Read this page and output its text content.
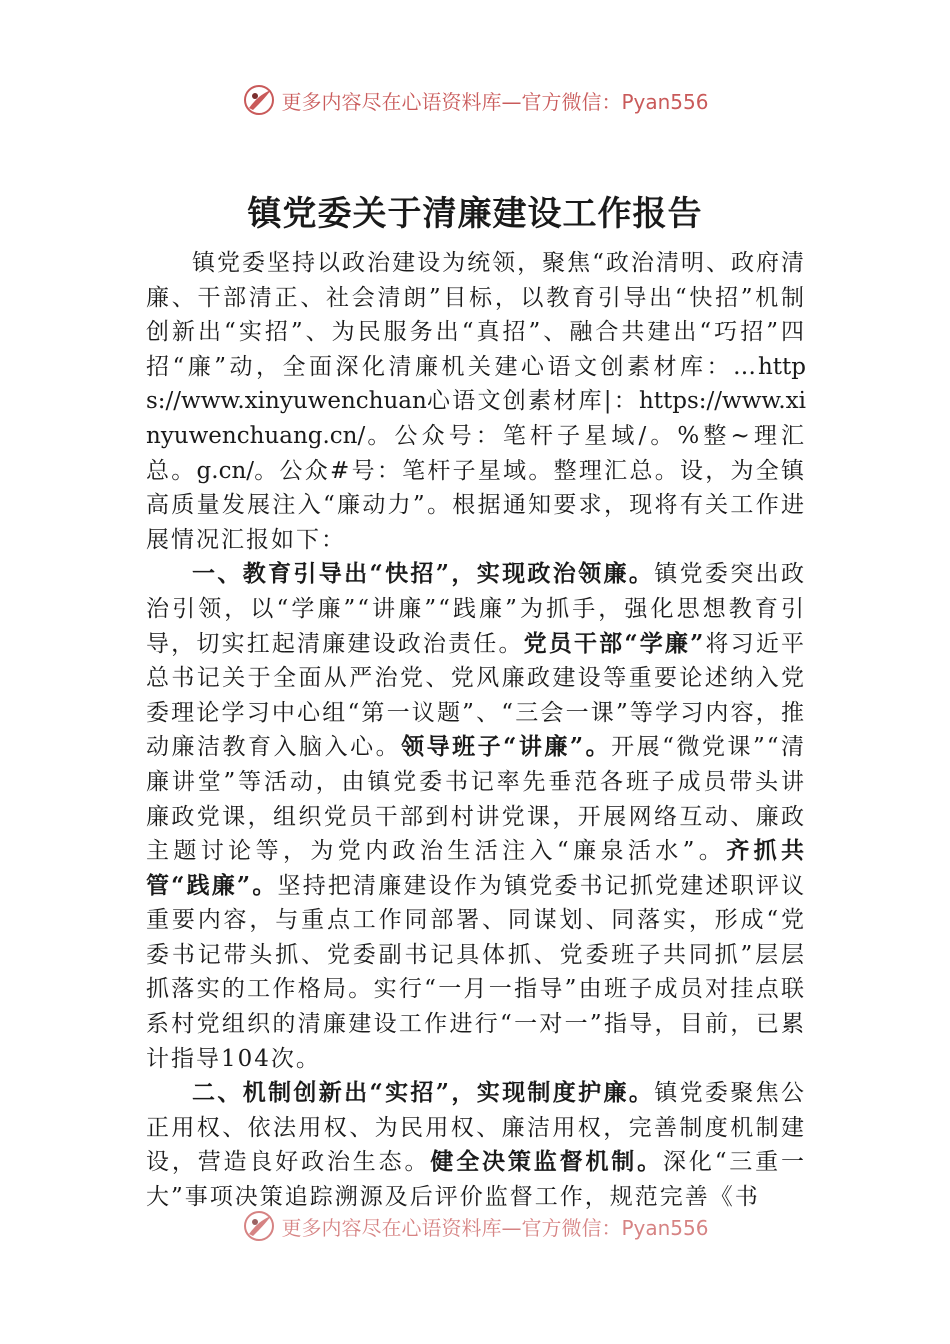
更多内容尽在心语资料库—官方微信：Pyan556
镇党委关于清廉建设工作报告

镇党委坚持以政治建设为统领，聚焦“政治清明、政府清廉、干部清正、社会清朗”目标，以教育引导出“快招”机制创新出“实招”、为民服务出“真招”、融合共建出“巧招”四招“廉”动，全面深化清廉机关建心语文创素材库：…https://www.xinyuwenchuan心语文创素材库|：https://www.xinyuwenchuang.cn/。公众号：笔杆子星域/。%整~理汇总。g.cn/。公众#号：笔杆子星域。整理汇总。设，为全镇高质量发展注入“廉动力”。根据通知要求，现将有关工作进展情况汇报如下：

一、教育引导出“快招”，实现政治领廉。镇党委突出政治引领，以“学廉”“讲廉”“践廉”为抓手，强化思想教育引导，切实扛起清廉建设政治责任。党员干部“学廉”将习近平总书记关于全面从严治党、党风廉政建设等重要论述纳入党委理论学习中心组“第一议题”、“三会一课”等学习内容，推动廉洁教育入脑入心。领导班子“讲廉”。开展“微党课”“清廉讲堂”等活动，由镇党委书记率先垂范各班子成员带头讲廉政党课，组织党员干部到村讲党课，开展网络互动、廉政主题讨论等，为党内政治生活注入“廉泉活水”。齐抓共管“践廉”。坚持把清廉建设作为镇党委书记抓党建述职评议重要内容，与重点工作同部署、同谋划、同落实，形成“党委书记带头抓、党委副书记具体抓、党委班子共同抓”层层抓落实的工作格局。实行“一月一指导”由班子成员对挂点联系村党组织的清廉建设工作进行“一对一”指导，目前，已累计指导104次。

二、机制创新出“实招”，实现制度护廉。镇党委聚焦公正用权、依法用权、为民用权、廉洁用权，完善制度机制建设，营造良好政治生态。健全决策监督机制。深化“三重一大”事项决策追踪溯源及后评价监督工作，规范完善《书

更多内容尽在心语资料库—官方微信：Pyan556
